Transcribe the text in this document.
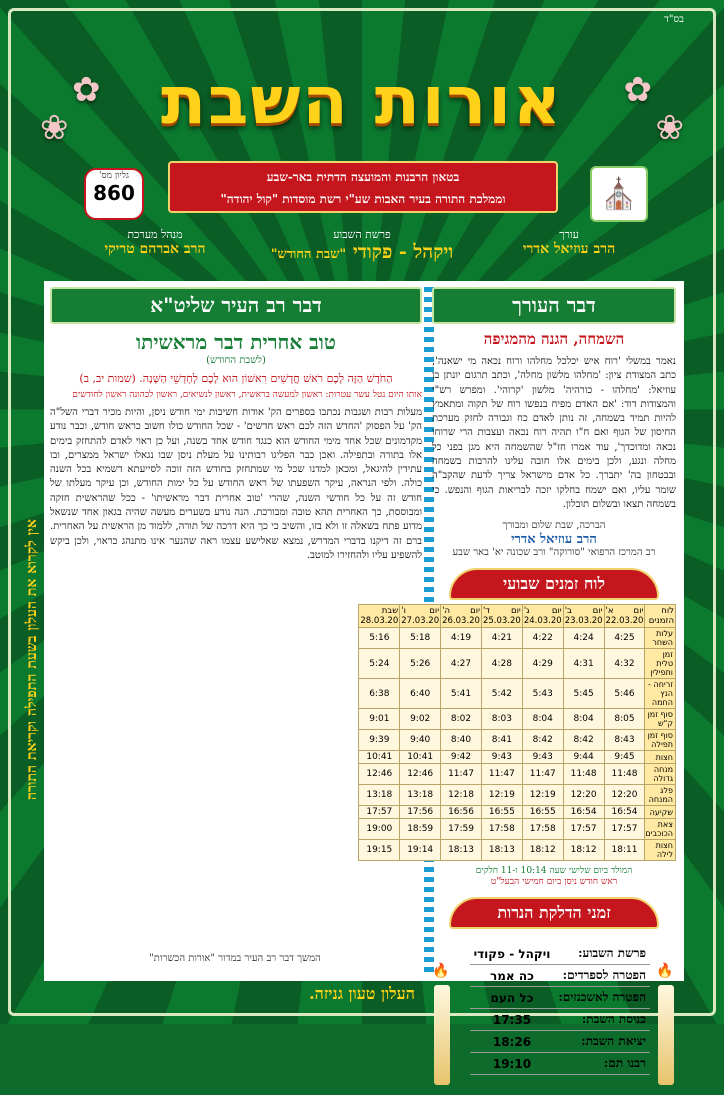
בס"ד
✿
❀
✿
❀	אורות השבת
⛪
בטאון הרבנות והמועצה הדתית באר-שבע
וממלכת התורה בעיר האבות שע"י רשת מוסדות "קול יהודה"
גליון מס'
860
עורך
הרב עוזיאל אדרי
פרשת השבוע
ויקהל - פקודי "שבת החודש"
מנהל מערכת
הרב אברהם טריקי
דבר העורך
השמחה, הגנה מהמגיפה
נאמר במשלי 'רוח איש יכלכל מחלהו ורוח נכאה מי ישאנה', כתב המצודת ציון: 'מחלהו מלשון מחלה', וכתב תרגום יונתן בן עוזיאל: 'מחלהו - כורהיה' מלשון 'קרוהי'. ומפרש רש"י והמצודות דוד: 'אם האדם מפיח בנפשו רוח של תקוה ומתאמץ להיות תמיד בשמחה, זה נותן לאדם כח וגבורה לחזק מערכת החיסון של הגוף ואם ח"ו תהיה רוח נכאה ועצבות הרי שרוחו נכאה ומדוכדך', עוד אמרו חז"ל שהשמחה היא מגן בפני כל מחלה ונגע, ולכן בימים אלו חובה עלינו להרבות בשמחה ובבטחון בה' יתברך. כל אדם מישראל צריך לדעת שהקב"ה שומר עליו, ואם ישמח בחלקו יזכה לבריאות הגוף והנפש. כי בשמחה תצאו ובשלום תובלון.
הברכה, שבת שלום ומבורך
הרב עוזיאל אדרי
רב המרכז הרפואי "סורוקה" ורב שכונה יא' באר שבע
לוח זמנים שבועי
לוח הזמנים	יום א' 22.03.20	יום ב' 23.03.20	יום ג' 24.03.20	יום ד' 25.03.20	יום ה' 26.03.20	יום ו' 27.03.20	שבת 28.03.20
עלות השחר	4:25	4:24	4:22	4:21	4:19	5:18	5:16
זמן טלית ותפילין	4:32	4:31	4:29	4:28	4:27	5:26	5:24
זריחה - הנץ החמה	5:46	5:45	5:43	5:42	5:41	6:40	6:38
סוף זמן ק"ש	8:05	8:04	8:04	8:03	8:02	9:02	9:01
סוף זמן תפילה	8:43	8:42	8:42	8:41	8:40	9:40	9:39
חצות	9:45	9:44	9:43	9:43	9:42	10:41	10:41
מנחה גדולה	11:48	11:48	11:47	11:47	11:47	12:46	12:46
פלג המנחה	12:20	12:20	12:19	12:19	12:18	13:18	13:18
שקיעה	16:54	16:54	16:55	16:55	16:56	17:56	17:57
צאת הכוכבים	17:57	17:57	17:58	17:58	17:59	18:59	19:00
חצות לילה	18:11	18:12	18:12	18:13	18:13	19:14	19:15
המולד ביום שלישי שעה 10:14 ו-11 חלקים
ראש חודש ניסן ביום חמישי הבעל"ט
זמני הדלקת הנרות
🔥
🔥
פרשת השבוע:	ויקהל - פקודי
הפטרה לספרדים:	כה אמר
הפטרה לאשכנזים:	כל העם
כניסת השבת:	17:35
יציאת השבת:	18:26
רבנו תם:	19:10
דבר רב העיר שליט"א
טוב אחרית דבר מראשיתו
(לשבת החודש)
הַחֹדֶשׁ הַזֶּה לָכֶם רֹאשׁ חֳדָשִׁים רִאשׁוֹן הוּא לָכֶם לְחָדְשֵׁי הַשָּׁנָה. (שמות יב, ב)
אותו היום נטל עשר עטרות: ראשון למעשה בראשית, ראשון לנשיאים, ראשון לכהונה ראשון לחודשים
מעלות רבות ושגבות נכתבו בספרים הק' אודות חשיבות ימי חודש ניסן, והיות מכיר דברי השל"ה הק' על הפסוק 'החדש הזה לכם ראש חדשים' - שכל החודש כולו חשוב כראש חודש, וכבר נודע מקדמונים שכל אחד מימי החודש הוא כנגד חודש אחד בשנה, ועל כן ראוי לאדם להתחזק בימים אלו בתורה ובתפילה. ואכן כבר הפליגו רבותינו על מעלת ניסן שבו נגאלו ישראל ממצרים, ובו עתידין להיגאל, ומכאן למדנו שכל מי שמתחזק בחודש הזה זוכה לסייעתא דשמיא בכל השנה כולה. ולפי הנראה, עיקר השפעתו של ראש החודש על כל ימות החודש, וכן עיקר מעלתו של חודש זה על כל חודשי השנה, שהרי 'טוב אחרית דבר מראשיתו' - ככל שהראשית חזקה ומבוססת, כך האחרית תהא טובה ומבורכת. הנה נודע בשערים מעשה שהיה בגאון אחד שנשאל מדוע פתח בשאלה זו ולא בזו, והשיב כי כך היא דרכה של תורה, ללמוד מן הראשית על האחרית. ברם זה דיקנו בדברי המדרש, נמצא שאלישע עצמו ראה שהנער אינו מתנהג כראוי, ולכן ביקש להשפיע עליו ולהחזירו למוטב.
המשך דבר רב העיר במדור "אורות הכשרות"
אין לקרוא את העלון בשעת התפילה וקריאת התורה
העלון טעון גניזה.
